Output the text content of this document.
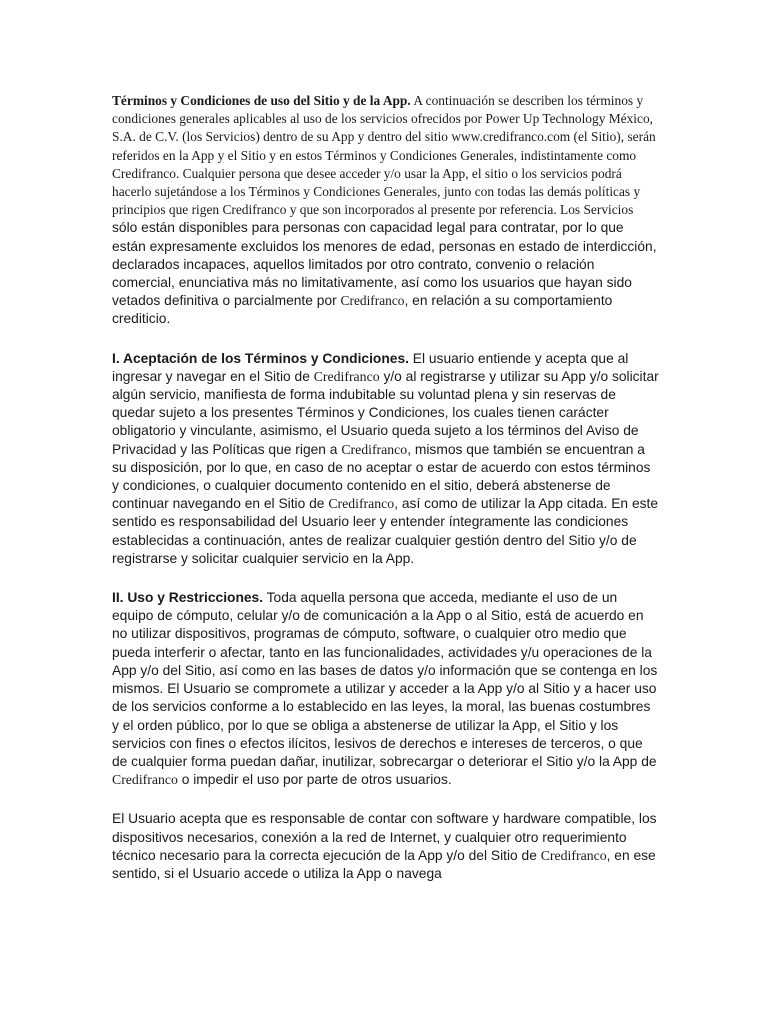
Términos y Condiciones de uso del Sitio y de la App. A continuación se describen los términos y condiciones generales aplicables al uso de los servicios ofrecidos por Power Up Technology México, S.A. de C.V. (los Servicios) dentro de su App y dentro del sitio www.credifranco.com (el Sitio), serán referidos en la App y el Sitio y en estos Términos y Condiciones Generales, indistintamente como Credifranco. Cualquier persona que desee acceder y/o usar la App, el sitio o los servicios podrá hacerlo sujetándose a los Términos y Condiciones Generales, junto con todas las demás políticas y principios que rigen Credifranco y que son incorporados al presente por referencia. Los Servicios sólo están disponibles para personas con capacidad legal para contratar, por lo que están expresamente excluidos los menores de edad, personas en estado de interdicción, declarados incapaces, aquellos limitados por otro contrato, convenio o relación comercial, enunciativa más no limitativamente, así como los usuarios que hayan sido vetados definitiva o parcialmente por Credifranco, en relación a su comportamiento crediticio.

I. Aceptación de los Términos y Condiciones. El usuario entiende y acepta que al ingresar y navegar en el Sitio de Credifranco y/o al registrarse y utilizar su App y/o solicitar algún servicio, manifiesta de forma indubitable su voluntad plena y sin reservas de quedar sujeto a los presentes Términos y Condiciones, los cuales tienen carácter obligatorio y vinculante, asimismo, el Usuario queda sujeto a los términos del Aviso de Privacidad y las Políticas que rigen a Credifranco, mismos que también se encuentran a su disposición, por lo que, en caso de no aceptar o estar de acuerdo con estos términos y condiciones, o cualquier documento contenido en el sitio, deberá abstenerse de continuar navegando en el Sitio de Credifranco, así como de utilizar la App citada. En este sentido es responsabilidad del Usuario leer y entender íntegramente las condiciones establecidas a continuación, antes de realizar cualquier gestión dentro del Sitio y/o de registrarse y solicitar cualquier servicio en la App.

II. Uso y Restricciones. Toda aquella persona que acceda, mediante el uso de un equipo de cómputo, celular y/o de comunicación a la App o al Sitio, está de acuerdo en no utilizar dispositivos, programas de cómputo, software, o cualquier otro medio que pueda interferir o afectar, tanto en las funcionalidades, actividades y/u operaciones de la App y/o del Sitio, así como en las bases de datos y/o información que se contenga en los mismos. El Usuario se compromete a utilizar y acceder a la App y/o al Sitio y a hacer uso de los servicios conforme a lo establecido en las leyes, la moral, las buenas costumbres y el orden público, por lo que se obliga a abstenerse de utilizar la App, el Sitio y los servicios con fines o efectos ilícitos, lesivos de derechos e intereses de terceros, o que de cualquier forma puedan dañar, inutilizar, sobrecargar o deteriorar el Sitio y/o la App de Credifranco o impedir el uso por parte de otros usuarios.

El Usuario acepta que es responsable de contar con software y hardware compatible, los dispositivos necesarios, conexión a la red de Internet, y cualquier otro requerimiento técnico necesario para la correcta ejecución de la App y/o del Sitio de Credifranco, en ese sentido, si el Usuario accede o utiliza la App o navega
